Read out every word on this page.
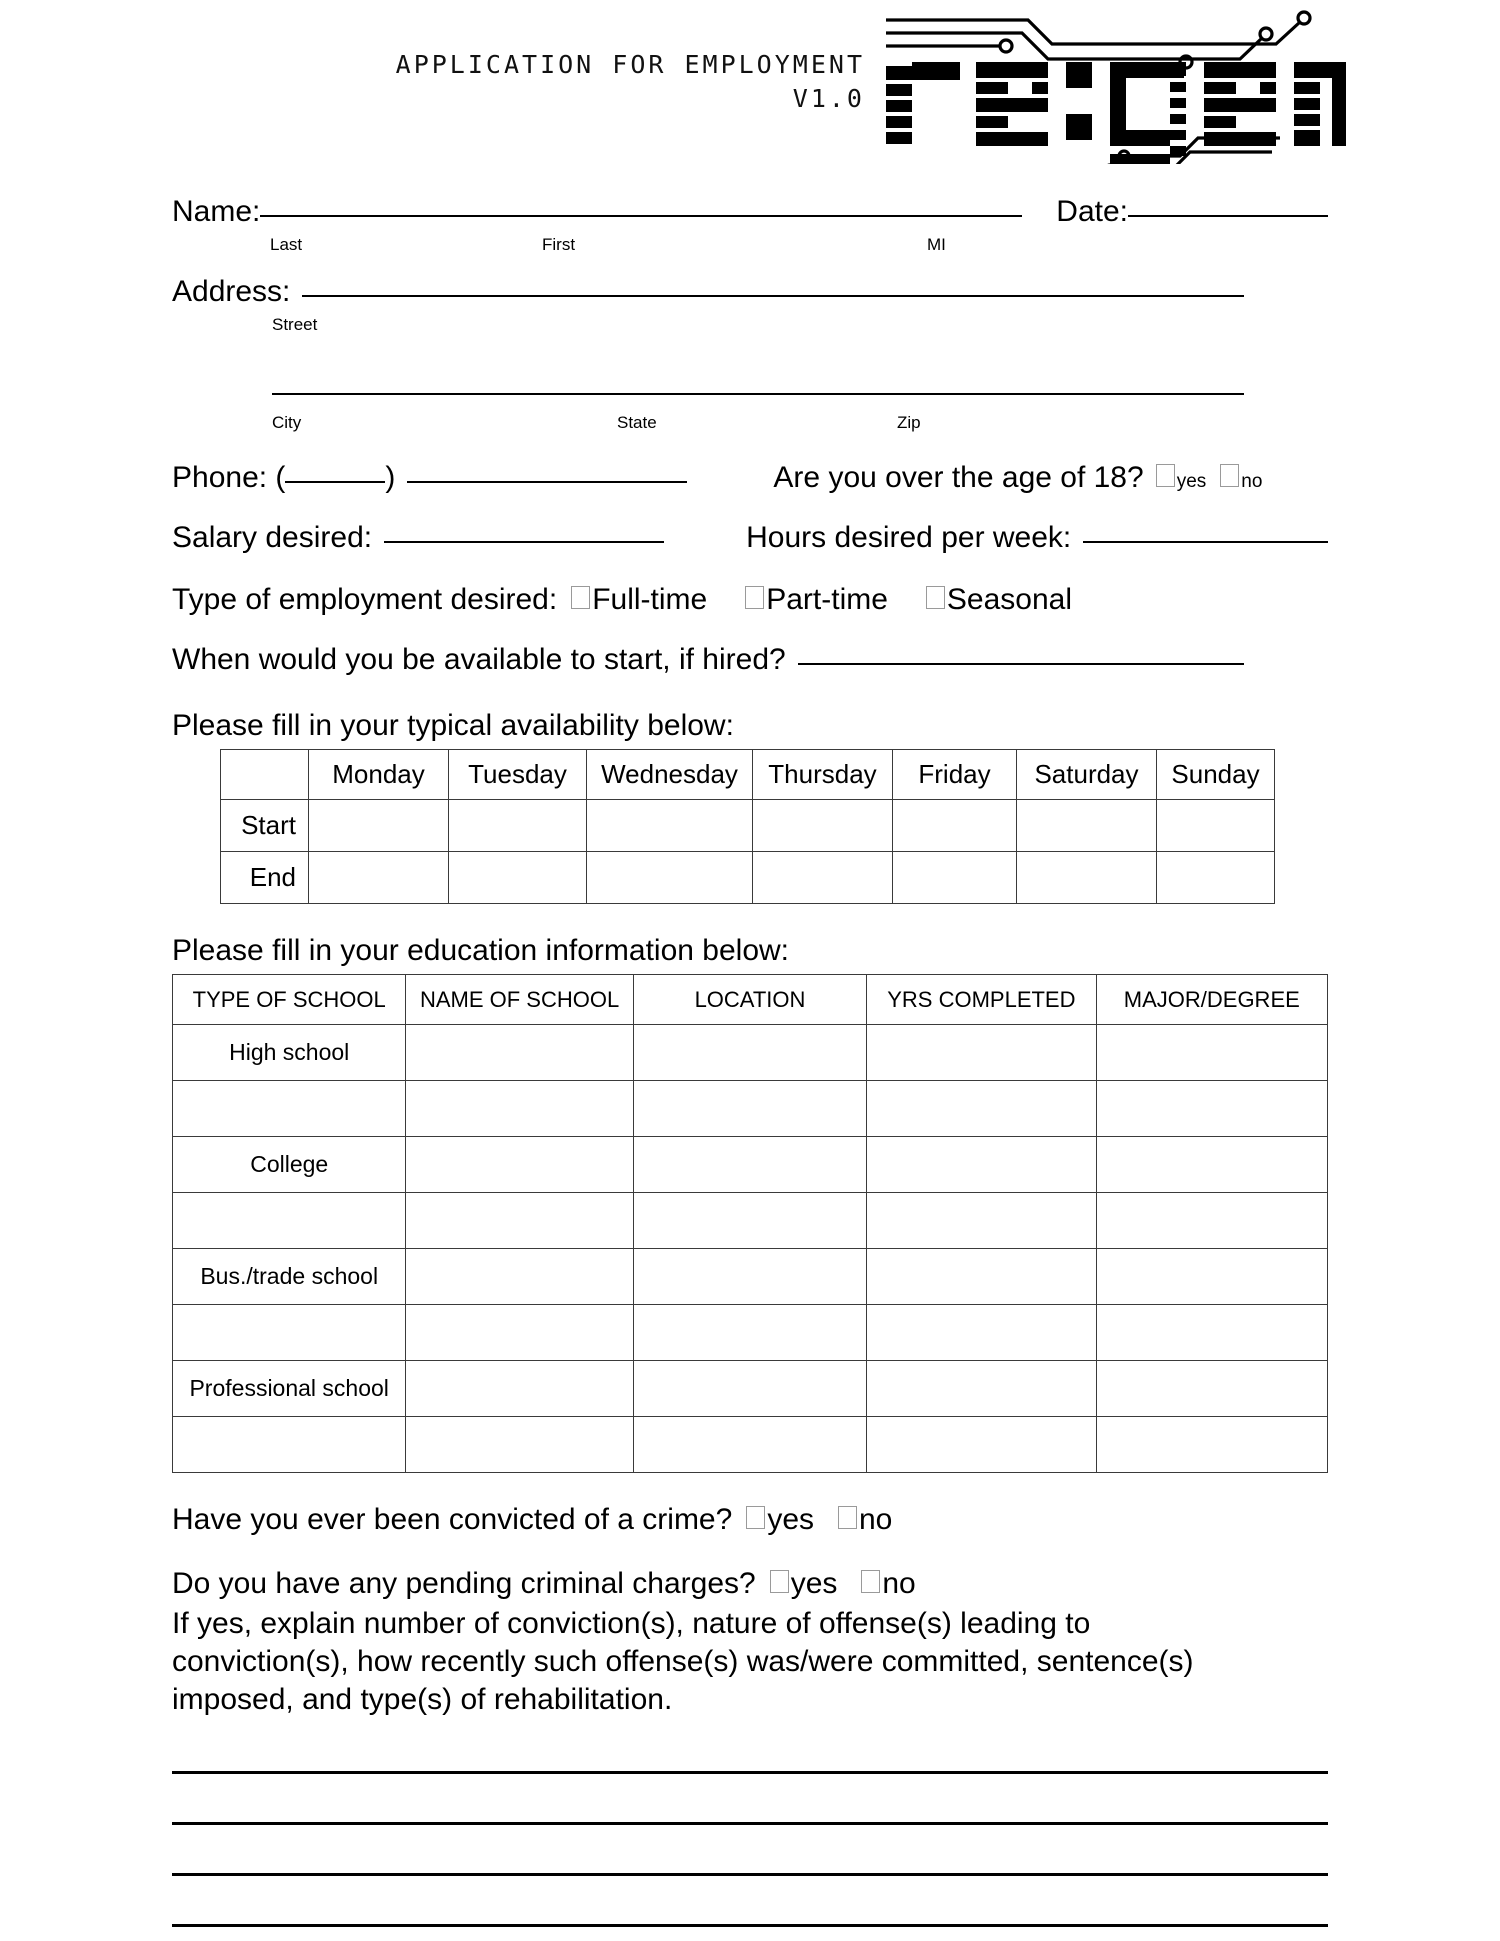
APPLICATION FOR EMPLOYMENT
V1.0
Name:	Date:
Last	First	MI
Address:
Street

City	State	Zip
Phone: (	)	Are you over the age of 18? yes no
Salary desired:	Hours desired per week:
Type of employment desired: Full-time Part-time Seasonal
When would you be available to start, if hired?
Please fill in your typical availability below:
	Monday	Tuesday	Wednesday	Thursday	Friday	Saturday	Sunday
Start							
End							
Please fill in your education information below:
TYPE OF SCHOOL	NAME OF SCHOOL	LOCATION	YRS COMPLETED	MAJOR/DEGREE
High school				

College				

Bus./trade school				

Professional school				

Have you ever been convicted of a crime? yes no
Do you have any pending criminal charges? yes no
If yes, explain number of conviction(s), nature of offense(s) leading to conviction(s), how recently such offense(s) was/were committed, sentence(s) imposed, and type(s) of rehabilitation.
